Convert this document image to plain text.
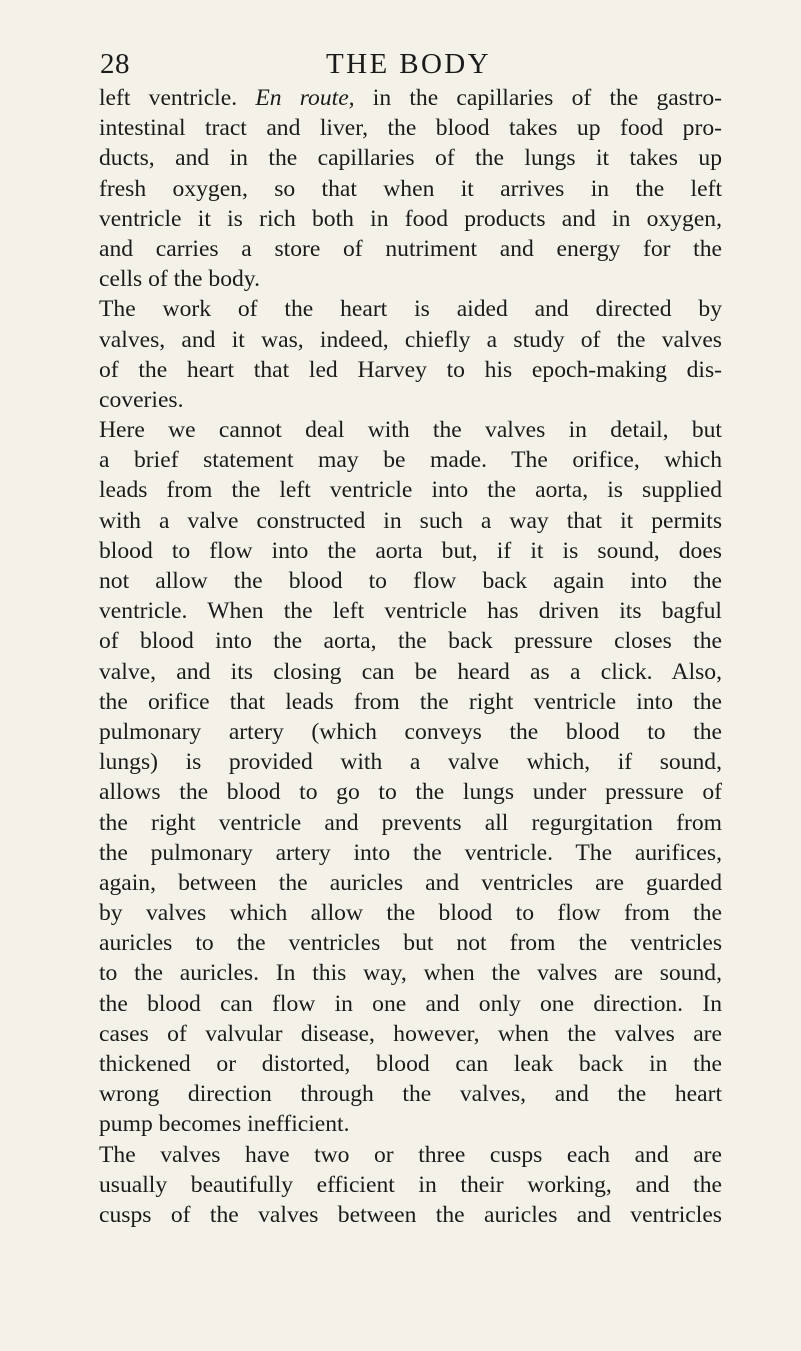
28	THE BODY
left ventricle. En route, in the capillaries of the gastro-
intestinal tract and liver, the blood takes up food pro-
ducts, and in the capillaries of the lungs it takes up
fresh oxygen, so that when it arrives in the left
ventricle it is rich both in food products and in oxygen,
and carries a store of nutriment and energy for the
cells of the body.
The work of the heart is aided and directed by
valves, and it was, indeed, chiefly a study of the valves
of the heart that led Harvey to his epoch-making dis-
coveries.
Here we cannot deal with the valves in detail, but
a brief statement may be made. The orifice, which
leads from the left ventricle into the aorta, is supplied
with a valve constructed in such a way that it permits
blood to flow into the aorta but, if it is sound, does
not allow the blood to flow back again into the
ventricle. When the left ventricle has driven its bagful
of blood into the aorta, the back pressure closes the
valve, and its closing can be heard as a click. Also,
the orifice that leads from the right ventricle into the
pulmonary artery (which conveys the blood to the
lungs) is provided with a valve which, if sound,
allows the blood to go to the lungs under pressure of
the right ventricle and prevents all regurgitation from
the pulmonary artery into the ventricle. The aurifices,
again, between the auricles and ventricles are guarded
by valves which allow the blood to flow from the
auricles to the ventricles but not from the ventricles
to the auricles. In this way, when the valves are sound,
the blood can flow in one and only one direction. In
cases of valvular disease, however, when the valves are
thickened or distorted, blood can leak back in the
wrong direction through the valves, and the heart
pump becomes inefficient.
The valves have two or three cusps each and are
usually beautifully efficient in their working, and the
cusps of the valves between the auricles and ventricles
